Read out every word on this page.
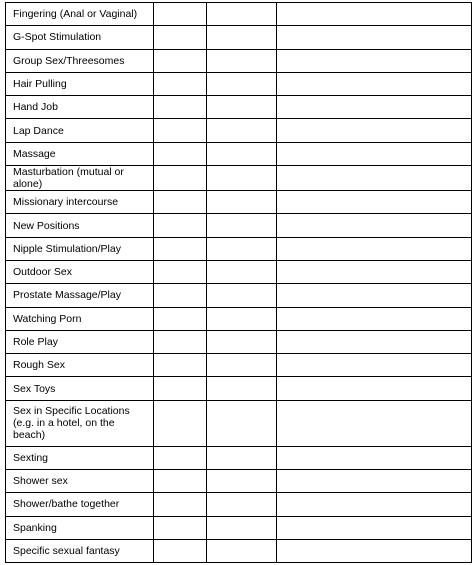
Fingering (Anal or Vaginal)			
G-Spot Stimulation			
Group Sex/Threesomes			
Hair Pulling			
Hand Job			
Lap Dance			
Massage			
Masturbation (mutual or alone)			
Missionary intercourse			
New Positions			
Nipple Stimulation/Play			
Outdoor Sex			
Prostate Massage/Play			
Watching Porn			
Role Play			
Rough Sex			
Sex Toys			
Sex in Specific Locations (e.g. in a hotel, on the beach)			
Sexting			
Shower sex			
Shower/bathe together			
Spanking			
Specific sexual fantasy			
